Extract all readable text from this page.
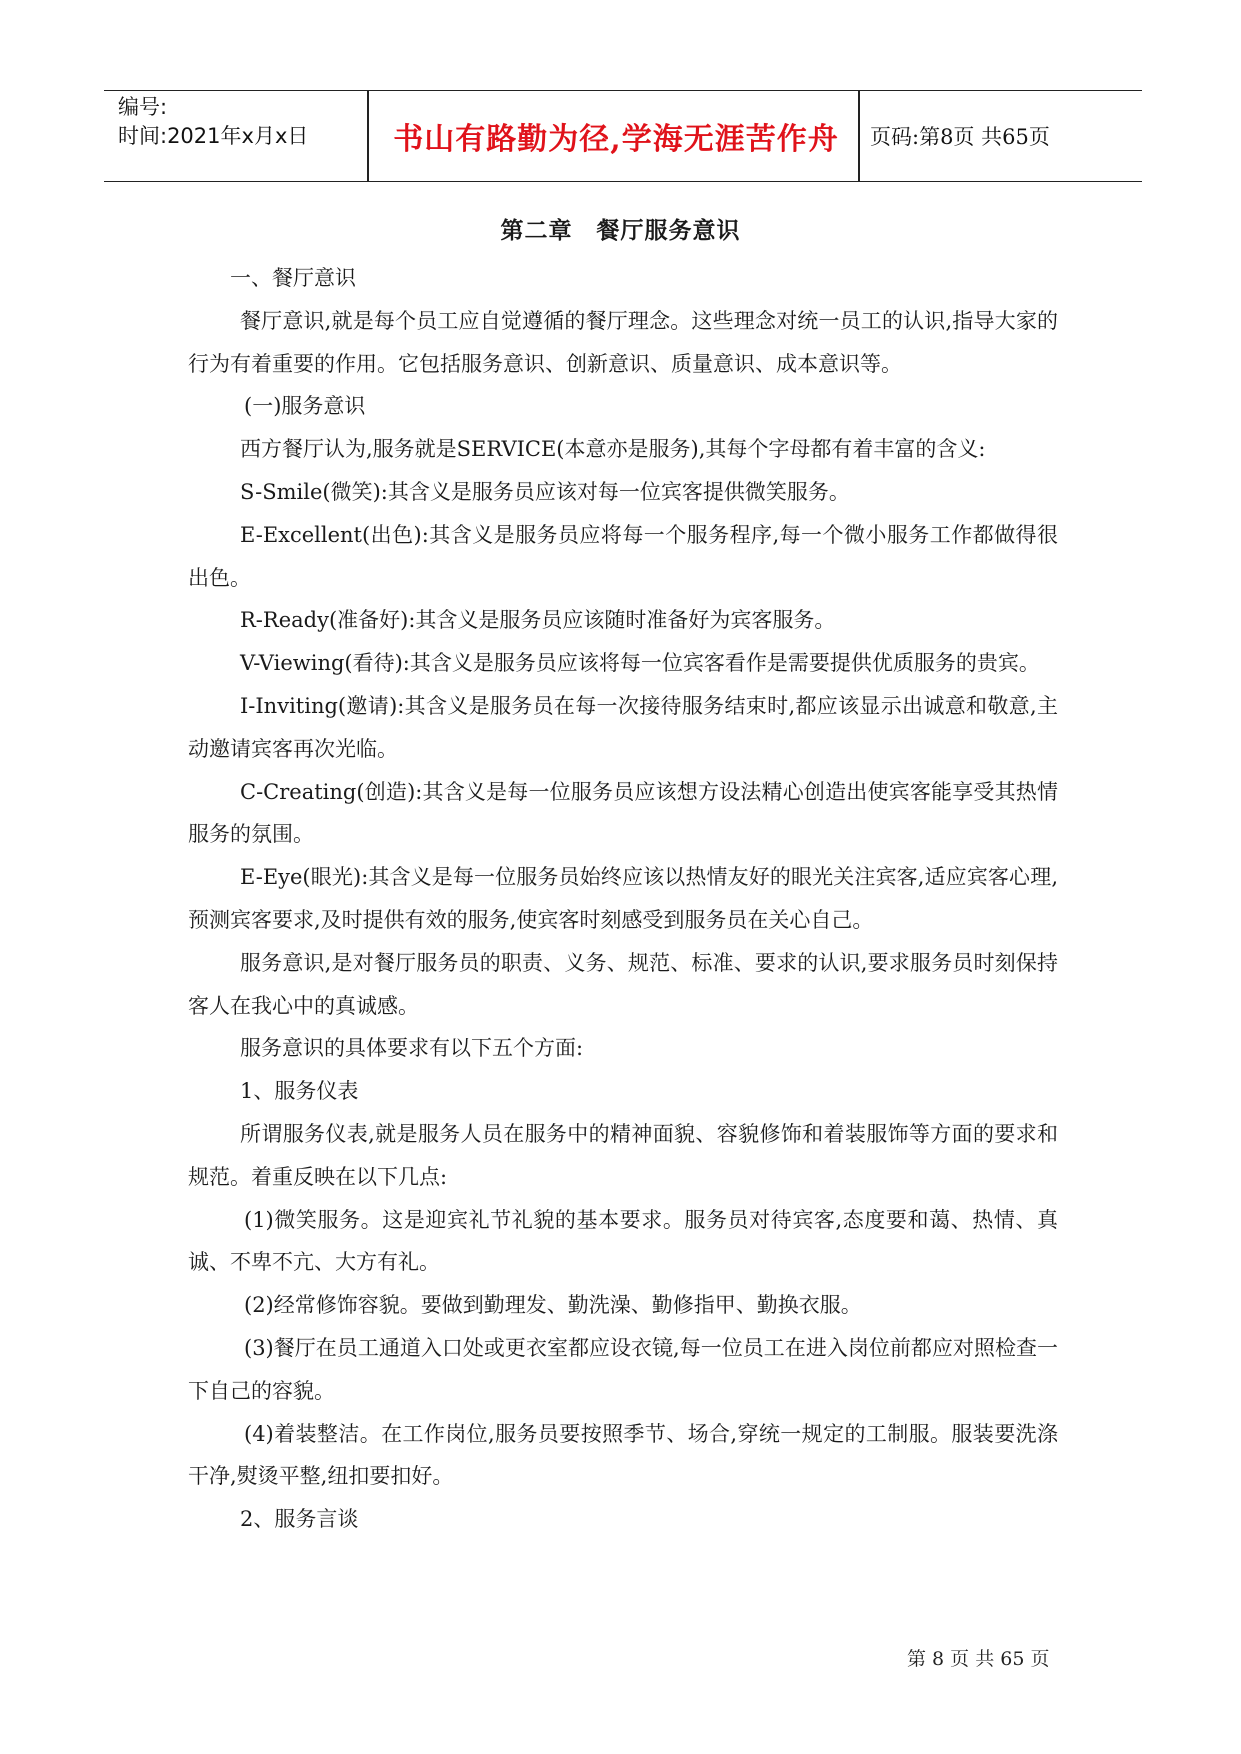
编号:
时间:2021年x月x日	书山有路勤为径,学海无涯苦作舟	页码:第8页 共65页
第二章　餐厅服务意识

一、餐厅意识

餐厅意识,就是每个员工应自觉遵循的餐厅理念。这些理念对统一员工的认识,指导大家的行为有着重要的作用。它包括服务意识、创新意识、质量意识、成本意识等。

(一)服务意识

西方餐厅认为,服务就是SERVICE(本意亦是服务),其每个字母都有着丰富的含义:

S-Smile(微笑):其含义是服务员应该对每一位宾客提供微笑服务。

E-Excellent(出色):其含义是服务员应将每一个服务程序,每一个微小服务工作都做得很出色。

R-Ready(准备好):其含义是服务员应该随时准备好为宾客服务。

V-Viewing(看待):其含义是服务员应该将每一位宾客看作是需要提供优质服务的贵宾。

I-Inviting(邀请):其含义是服务员在每一次接待服务结束时,都应该显示出诚意和敬意,主动邀请宾客再次光临。

C-Creating(创造):其含义是每一位服务员应该想方设法精心创造出使宾客能享受其热情服务的氛围。

E-Eye(眼光):其含义是每一位服务员始终应该以热情友好的眼光关注宾客,适应宾客心理,预测宾客要求,及时提供有效的服务,使宾客时刻感受到服务员在关心自己。

服务意识,是对餐厅服务员的职责、义务、规范、标准、要求的认识,要求服务员时刻保持客人在我心中的真诚感。

服务意识的具体要求有以下五个方面:

1、服务仪表

所谓服务仪表,就是服务人员在服务中的精神面貌、容貌修饰和着装服饰等方面的要求和规范。着重反映在以下几点:

(1)微笑服务。这是迎宾礼节礼貌的基本要求。服务员对待宾客,态度要和蔼、热情、真诚、不卑不亢、大方有礼。

(2)经常修饰容貌。要做到勤理发、勤洗澡、勤修指甲、勤换衣服。

(3)餐厅在员工通道入口处或更衣室都应设衣镜,每一位员工在进入岗位前都应对照检查一下自己的容貌。

(4)着装整洁。在工作岗位,服务员要按照季节、场合,穿统一规定的工制服。服装要洗涤干净,熨烫平整,纽扣要扣好。

2、服务言谈

第 8 页 共 65 页
